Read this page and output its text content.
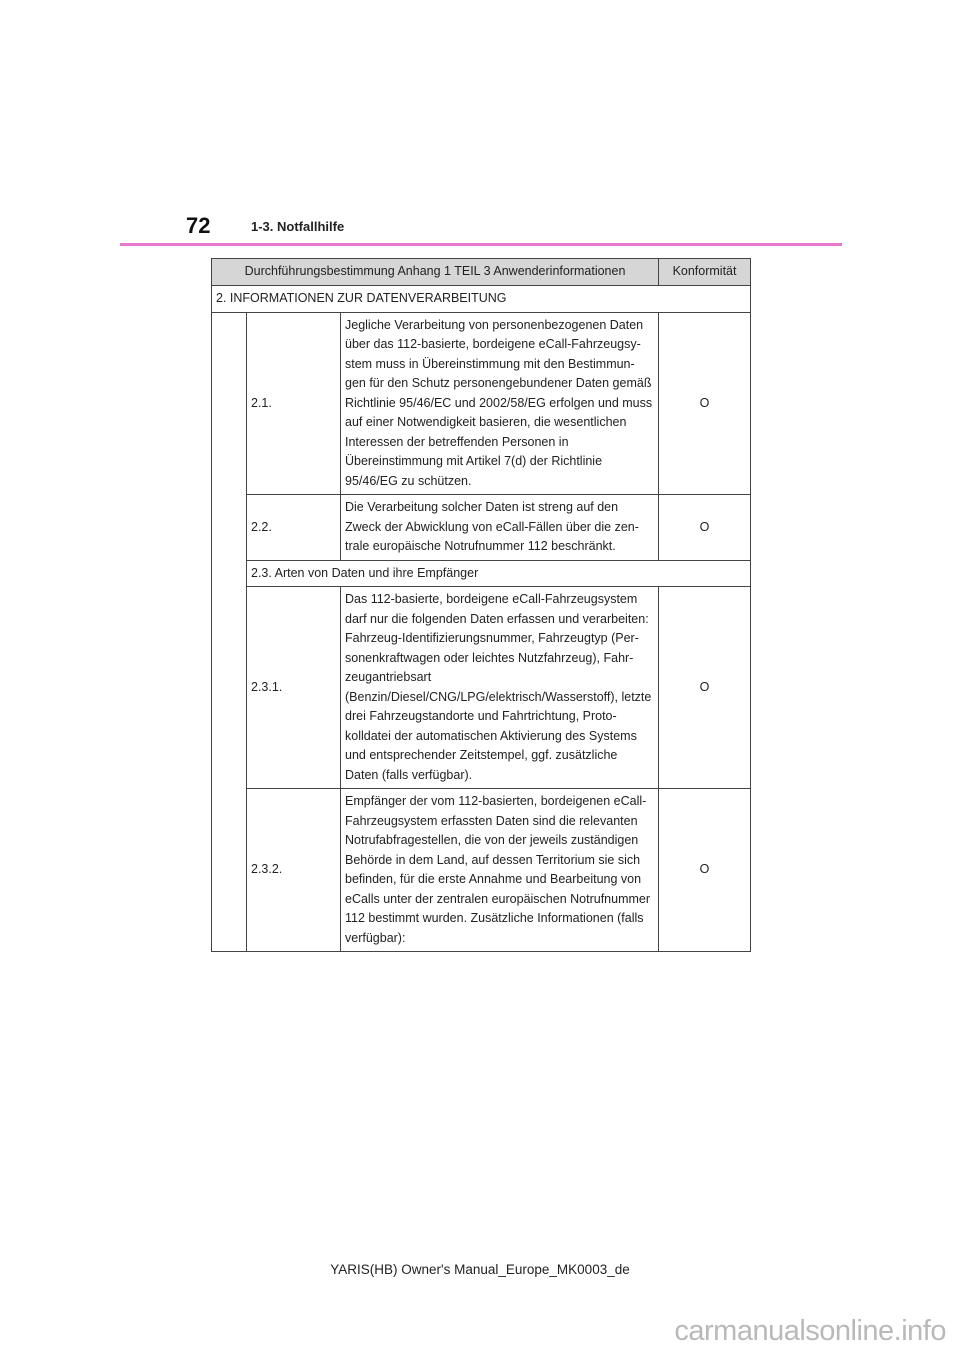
72	1-3. Notfallhilfe
Durchführungsbestimmung Anhang 1 TEIL 3 Anwenderinformationen			Konformität
2. INFORMATIONEN ZUR DATENVERARBEITUNG			
	2.1.	Jegliche Verarbeitung von personenbezogenen Daten über das 112-basierte, bordeigene eCall-Fahrzeugsy-stem muss in Übereinstimmung mit den Bestimmun-gen für den Schutz personengebundener Daten gemäß Richtlinie 95/46/EC und 2002/58/EG erfolgen und muss auf einer Notwendigkeit basieren, die wesentlichen Interessen der betreffenden Personen in Übereinstimmung mit Artikel 7(d) der Richtlinie 95/46/EG zu schützen.	O
	2.2.	Die Verarbeitung solcher Daten ist streng auf den Zweck der Abwicklung von eCall-Fällen über die zen-trale europäische Notrufnummer 112 beschränkt.	O
	2.3. Arten von Daten und ihre Empfänger		
	2.3.1.	Das 112-basierte, bordeigene eCall-Fahrzeugsystem darf nur die folgenden Daten erfassen und verarbeiten: Fahrzeug-Identifizierungsnummer, Fahrzeugtyp (Per-sonenkraftwagen oder leichtes Nutzfahrzeug), Fahr-zeugantriebsart (Benzin/Diesel/CNG/LPG/elektrisch/Wasserstoff), letzte drei Fahrzeugstandorte und Fahrtrichtung, Proto-kolldatei der automatischen Aktivierung des Systems und entsprechender Zeitstempel, ggf. zusätzliche Daten (falls verfügbar).	O
	2.3.2.	Empfänger der vom 112-basierten, bordeigenen eCall-Fahrzeugsystem erfassten Daten sind die relevanten Notrufabfragestellen, die von der jeweils zuständigen Behörde in dem Land, auf dessen Territorium sie sich befinden, für die erste Annahme und Bearbeitung von eCalls unter der zentralen europäischen Notrufnummer 112 bestimmt wurden. Zusätzliche Informationen (falls verfügbar):	O
YARIS(HB) Owner's Manual_Europe_MK0003_de
carmanualsonline.info
